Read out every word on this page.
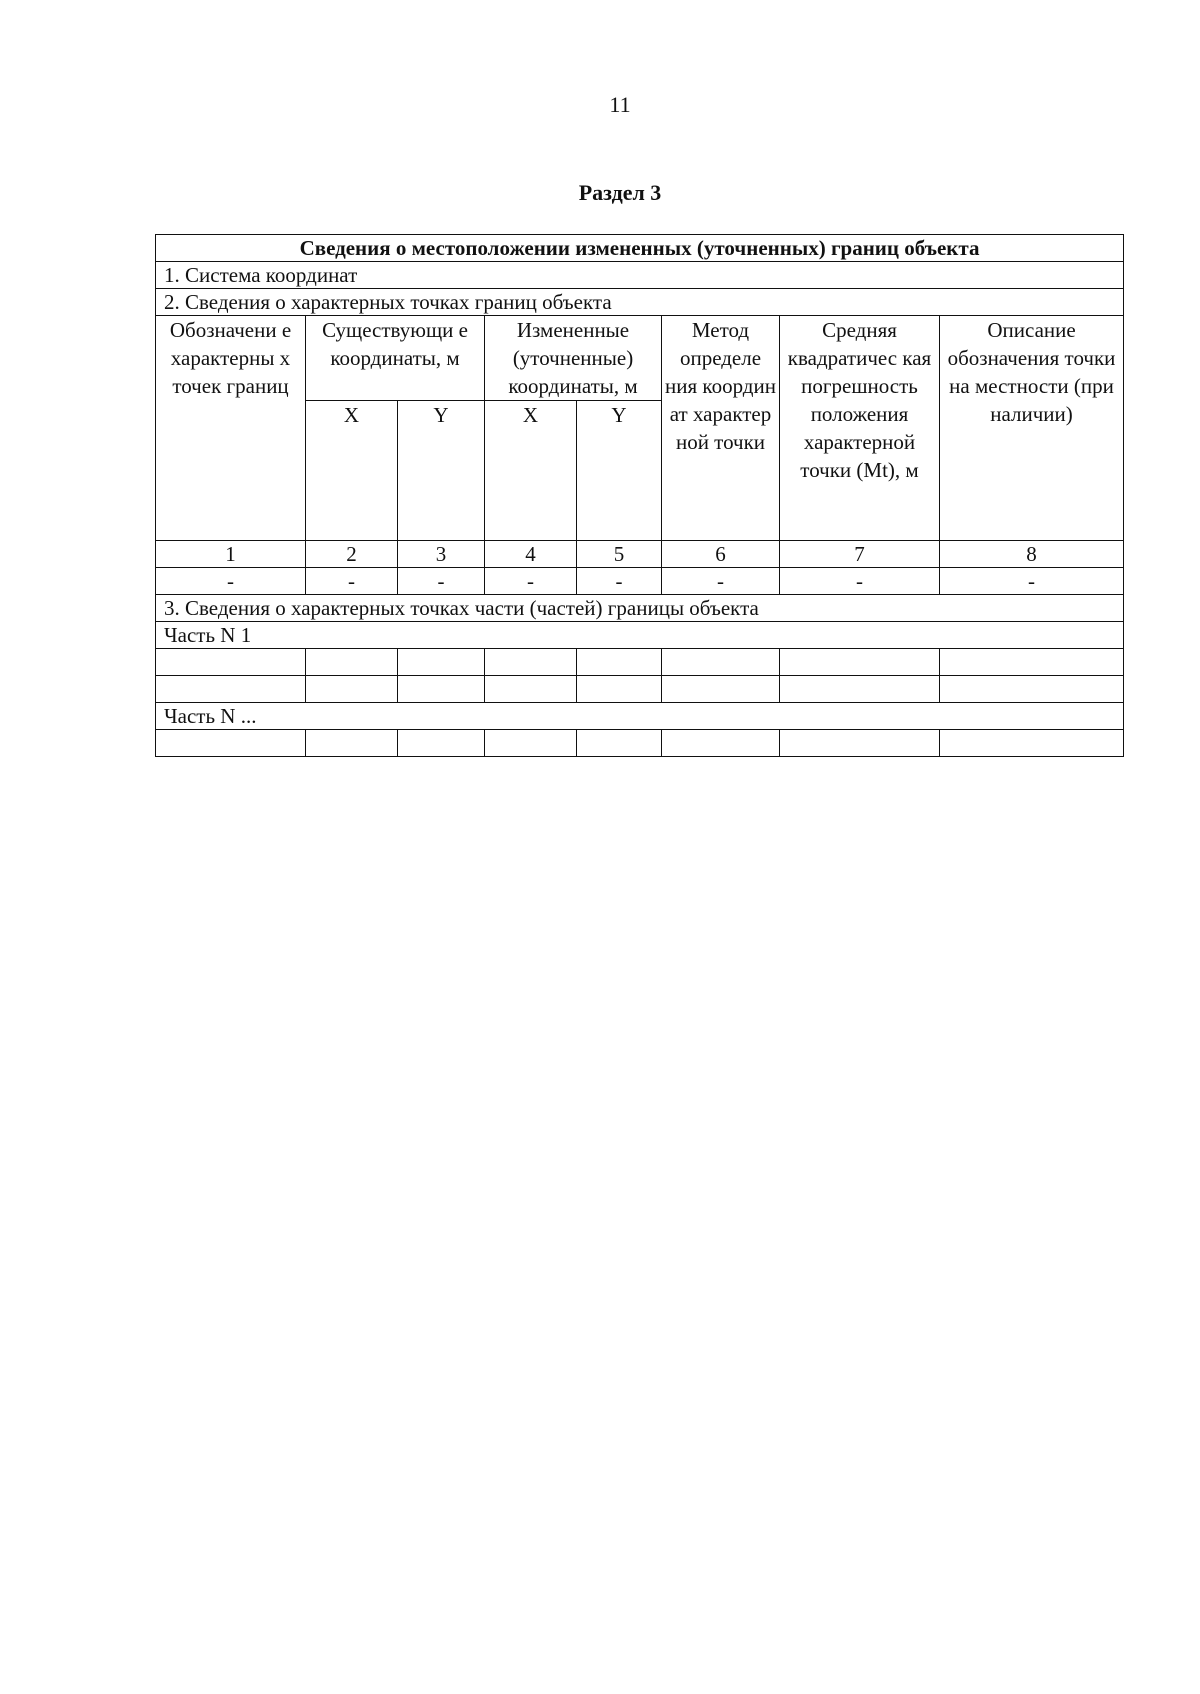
11
Раздел 3
Сведения о местоположении измененных (уточненных) границ объекта							
1. Система координат							
2. Сведения о характерных точках границ объекта							
Обозначени е характерны х точек границ	Существующи е координаты, м		Измененные (уточненные) координаты, м		Метод определе ния координ ат характер ной точки	Средняя квадратичес кая погрешность положения характерной точки (Mt), м	Описание обозначения точки на местности (при наличии)
	X	Y	X	Y			
1	2	3	4	5	6	7	8
-	-	-	-	-	-	-	-
3. Сведения о характерных точках части (частей) границы объекта							
Часть N 1							

Часть N ...							
